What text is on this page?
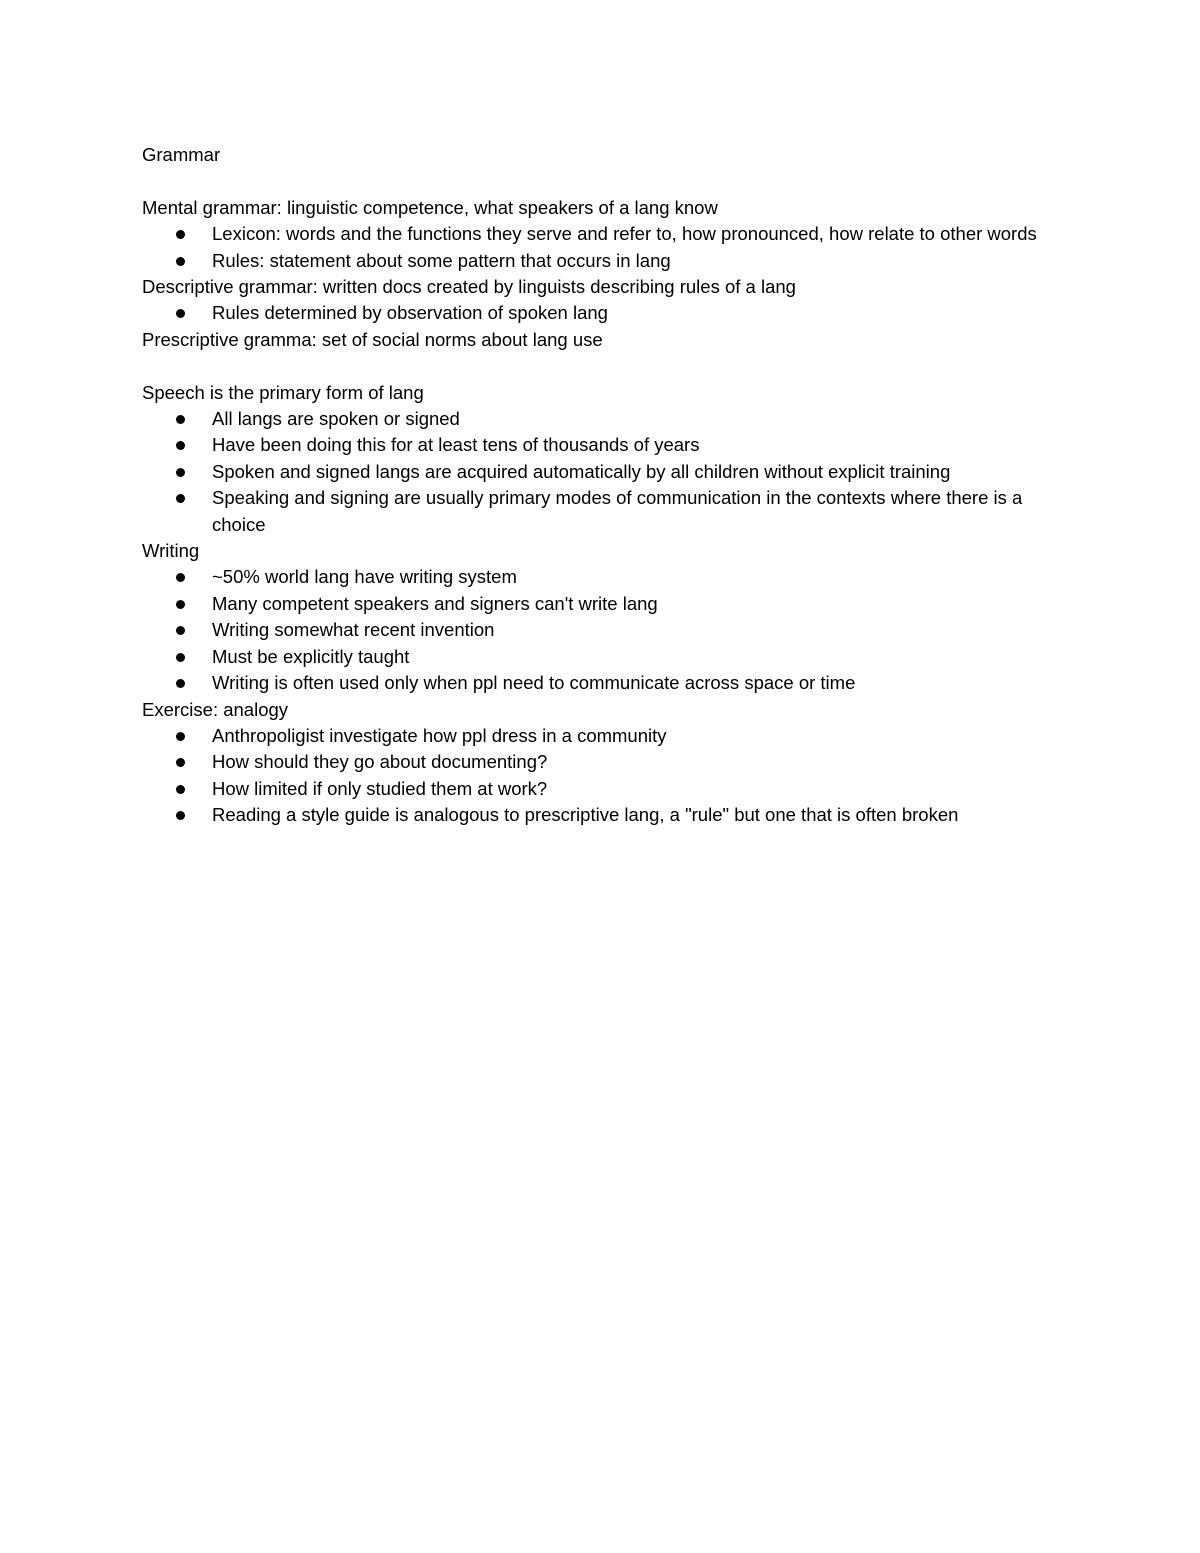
Grammar

Mental grammar: linguistic competence, what speakers of a lang know

Lexicon: words and the functions they serve and refer to, how pronounced, how relate to other words
Rules: statement about some pattern that occurs in lang

Descriptive grammar: written docs created by linguists describing rules of a lang

Rules determined by observation of spoken lang

Prescriptive gramma: set of social norms about lang use

Speech is the primary form of lang

All langs are spoken or signed
Have been doing this for at least tens of thousands of years
Spoken and signed langs are acquired automatically by all children without explicit training
Speaking and signing are usually primary modes of communication in the contexts where there is a choice

Writing

~50% world lang have writing system
Many competent speakers and signers can't write lang
Writing somewhat recent invention
Must be explicitly taught
Writing is often used only when ppl need to communicate across space or time

Exercise: analogy

Anthropoligist investigate how ppl dress in a community
How should they go about documenting?
How limited if only studied them at work?
Reading a style guide is analogous to prescriptive lang, a "rule" but one that is often broken
